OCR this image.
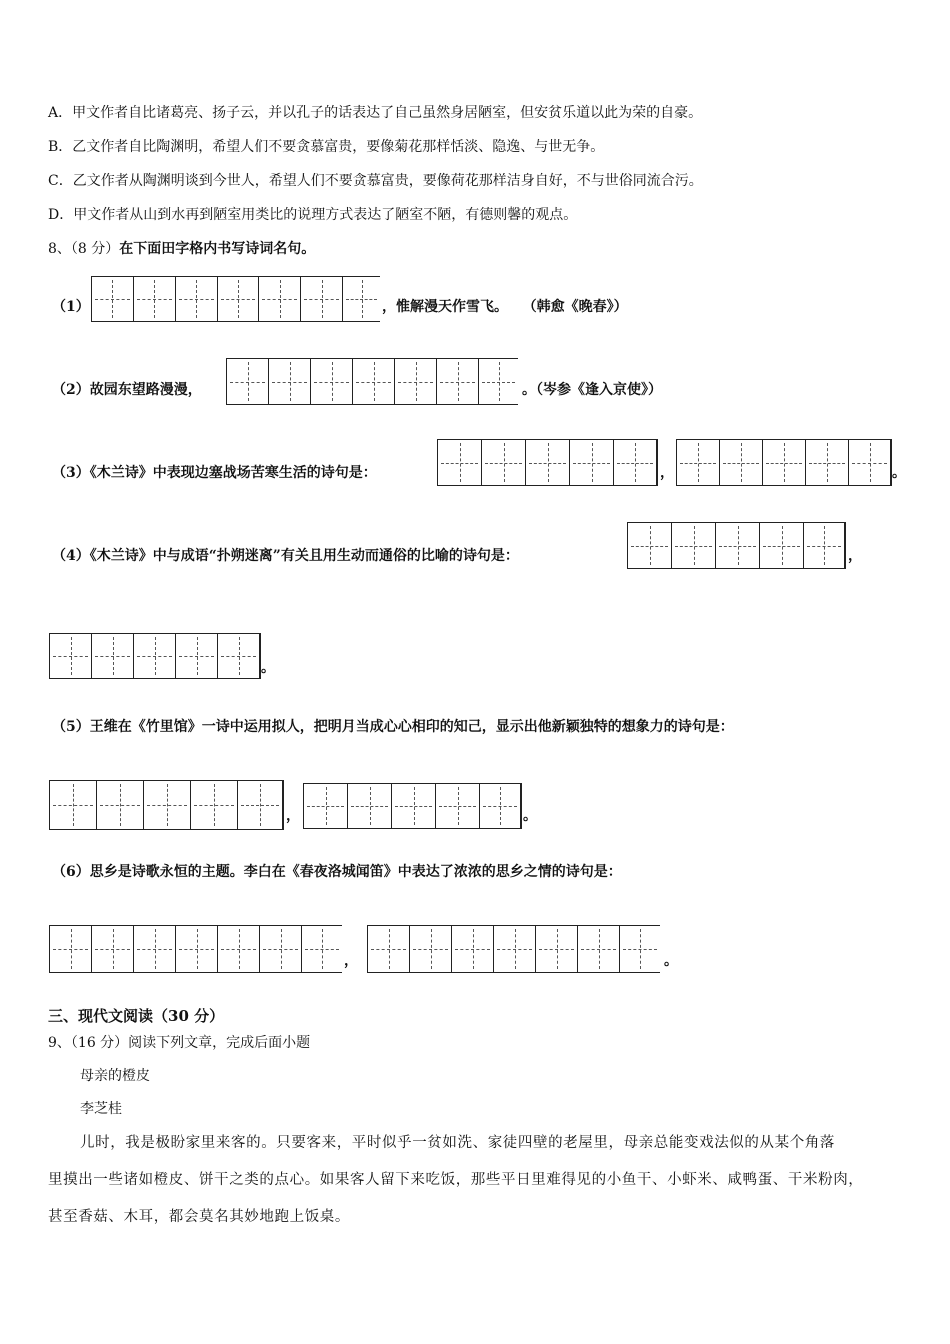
A．甲文作者自比诸葛亮、扬子云，并以孔子的话表达了自己虽然身居陋室，但安贫乐道以此为荣的自豪。
B．乙文作者自比陶渊明，希望人们不要贪慕富贵，要像菊花那样恬淡、隐逸、与世无争。
C．乙文作者从陶渊明谈到今世人，希望人们不要贪慕富贵，要像荷花那样洁身自好，不与世俗同流合污。
D．甲文作者从山到水再到陋室用类比的说理方式表达了陋室不陋，有德则馨的观点。
8、（8 分）在下面田字格内书写诗词名句。
（1）	，惟解漫天作雪飞。 （韩愈《晚春》）
（2）故园东望路漫漫，	。（岑参《逢入京使》）
（3）《木兰诗》中表现边塞战场苦寒生活的诗句是：	，	。
（4）《木兰诗》中与成语“扑朔迷离”有关且用生动而通俗的比喻的诗句是：	，
。
（5）王维在《竹里馆》一诗中运用拟人，把明月当成心心相印的知己，显示出他新颖独特的想象力的诗句是：
，	。
（6）思乡是诗歌永恒的主题。李白在《春夜洛城闻笛》中表达了浓浓的思乡之情的诗句是：
，	。
三、现代文阅读（30 分）
9、（16 分）阅读下列文章，完成后面小题
母亲的橙皮
李芝桂
儿时，我是极盼家里来客的。只要客来，平时似乎一贫如洗、家徒四壁的老屋里，母亲总能变戏法似的从某个角落
里摸出一些诸如橙皮、饼干之类的点心。如果客人留下来吃饭，那些平日里难得见的小鱼干、小虾米、咸鸭蛋、干米粉肉，
甚至香菇、木耳，都会莫名其妙地跑上饭桌。
